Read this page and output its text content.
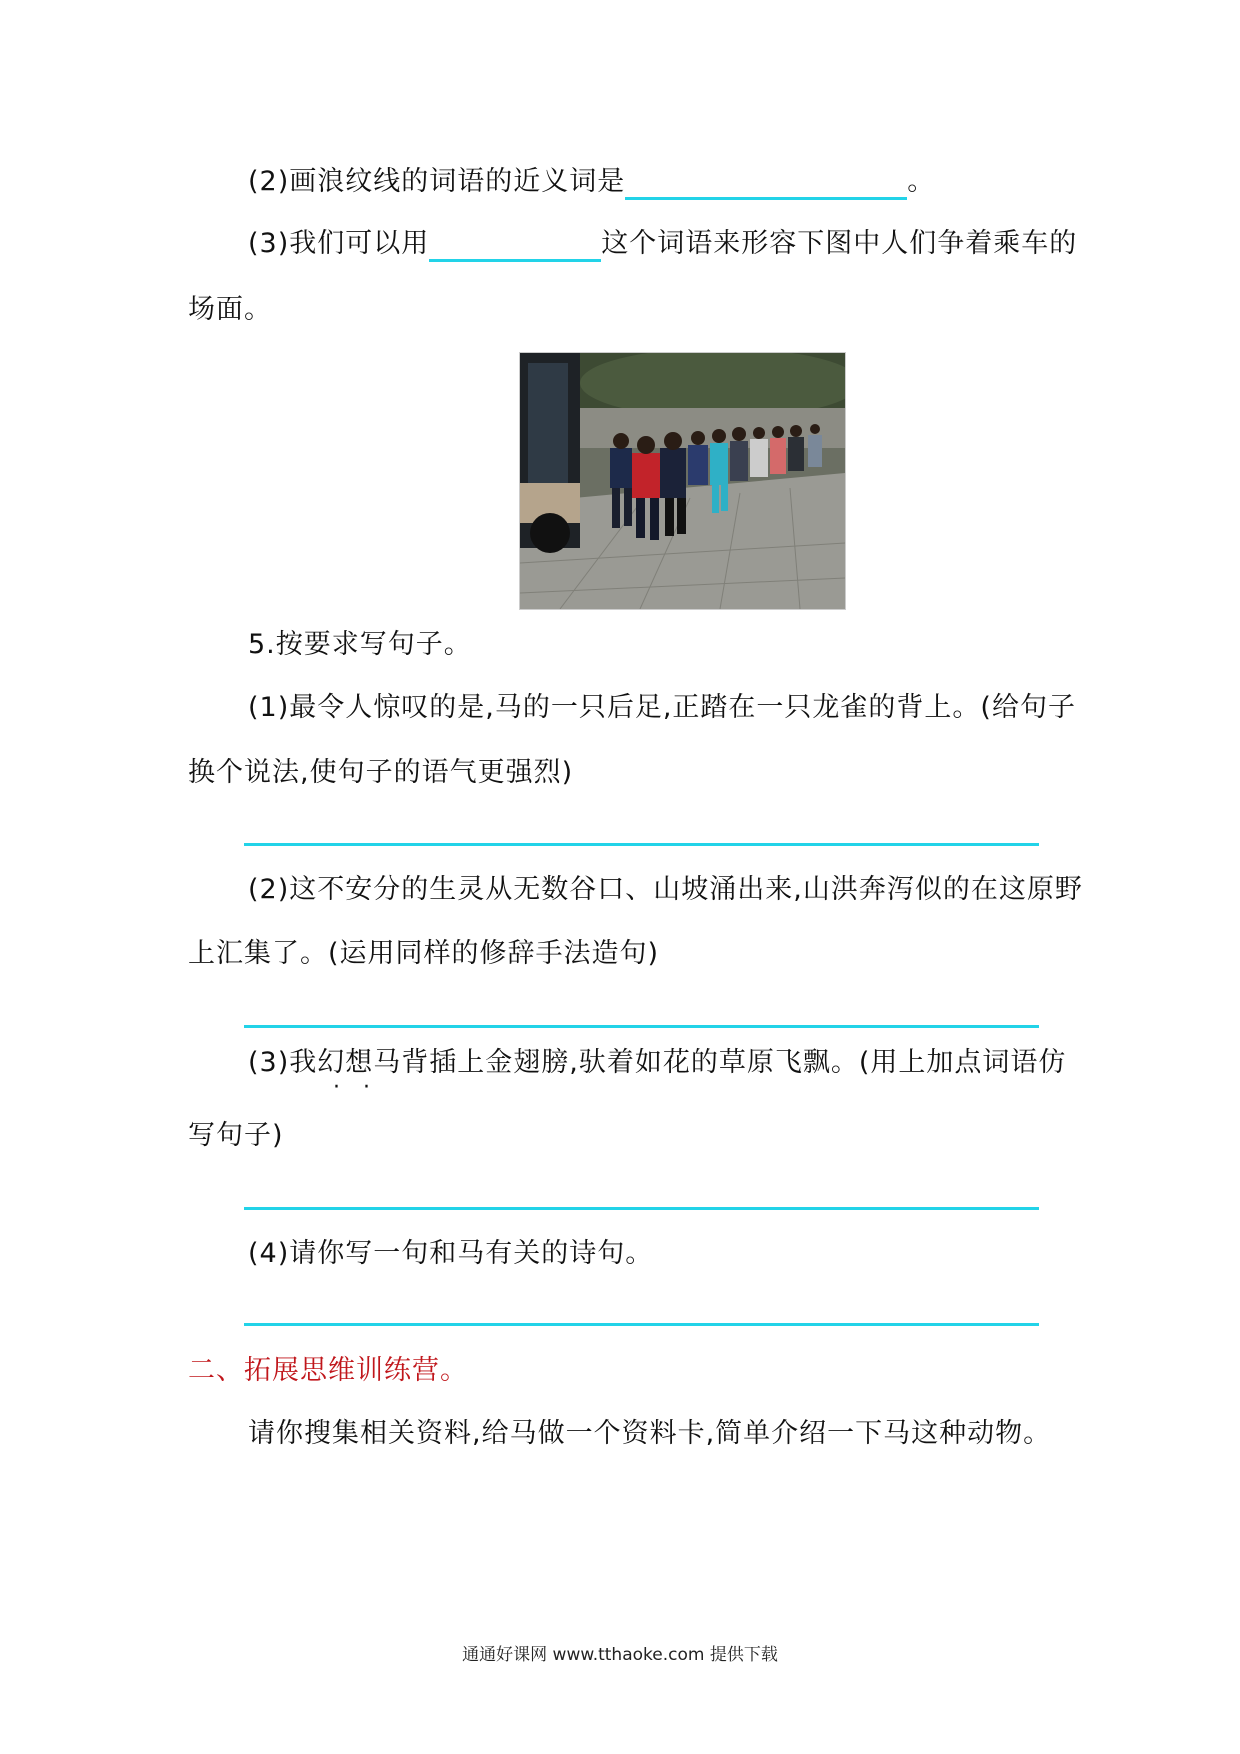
(2)画浪纹线的词语的近义词是	。
(3)我们可以用	这个词语来形容下图中人们争着乘车的
场面。
5.按要求写句子。
(1)最令人惊叹的是,马的一只后足,正踏在一只龙雀的背上。(给句子
换个说法,使句子的语气更强烈)
(2)这不安分的生灵从无数谷口、山坡涌出来,山洪奔泻似的在这原野
上汇集了。(运用同样的修辞手法造句)
(3)我幻想马背插上金翅膀,驮着如花的草原飞飘。(用上加点词语仿
· ·
写句子)
(4)请你写一句和马有关的诗句。
二、拓展思维训练营。
请你搜集相关资料,给马做一个资料卡,简单介绍一下马这种动物。
通通好课网 www.tthaoke.com 提供下载
